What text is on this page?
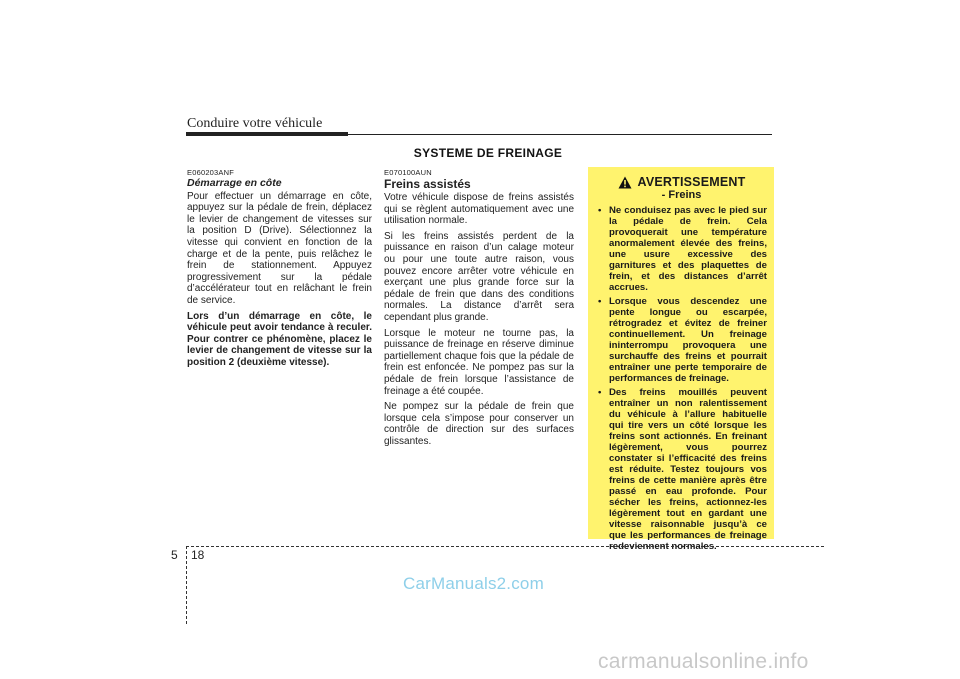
Conduire votre véhicule
SYSTEME DE FREINAGE
E060203ANF
Démarrage en côte

Pour effectuer un démarrage en côte, appuyez sur la pédale de frein, déplacez le levier de changement de vitesses sur la position D (Drive). Sélectionnez la vitesse qui convient en fonction de la charge et de la pente, puis relâchez le frein de stationnement. Appuyez progressivement sur la pédale d’accélérateur tout en relâchant le frein de service.

Lors d’un démarrage en côte, le véhicule peut avoir tendance à reculer. Pour contrer ce phénomène, placez le levier de changement de vitesse sur la position 2 (deuxième vitesse).

E070100AUN
Freins assistés

Votre véhicule dispose de freins assistés qui se règlent automatiquement avec une utilisation normale.

Si les freins assistés perdent de la puissance en raison d’un calage moteur ou pour une toute autre raison, vous pouvez encore arrêter votre véhicule en exerçant une plus grande force sur la pédale de frein que dans des conditions normales. La distance d’arrêt sera cependant plus grande.

Lorsque le moteur ne tourne pas, la puissance de freinage en réserve diminue partiellement chaque fois que la pédale de frein est enfoncée. Ne pompez pas sur la pédale de frein lorsque l’assistance de freinage a été coupée.

Ne pompez sur la pédale de frein que lorsque cela s’impose pour conserver un contrôle de direction sur des surfaces glissantes.

AVERTISSEMENT
- Freins
• Ne conduisez pas avec le pied sur la pédale de frein. Cela provoquerait une température anormalement élevée des freins, une usure excessive des garnitures et des plaquettes de frein, et des distances d’arrêt accrues.
• Lorsque vous descendez une pente longue ou escarpée, rétrogradez et évitez de freiner continuellement. Un freinage ininterrompu provoquera une surchauffe des freins et pourrait entraîner une perte temporaire de performances de freinage.
• Des freins mouillés peuvent entraîner un non ralentissement du véhicule à l’allure habituelle qui tire vers un côté lorsque les freins sont actionnés. En freinant légèrement, vous pourrez constater si l’efficacité des freins est réduite. Testez toujours vos freins de cette manière après être passé en eau profonde. Pour sécher les freins, actionnez-les légèrement tout en gardant une vitesse raisonnable jusqu’à ce que les performances de freinage redeviennent normales.
5 18
CarManuals2.com
carmanualsonline.info
